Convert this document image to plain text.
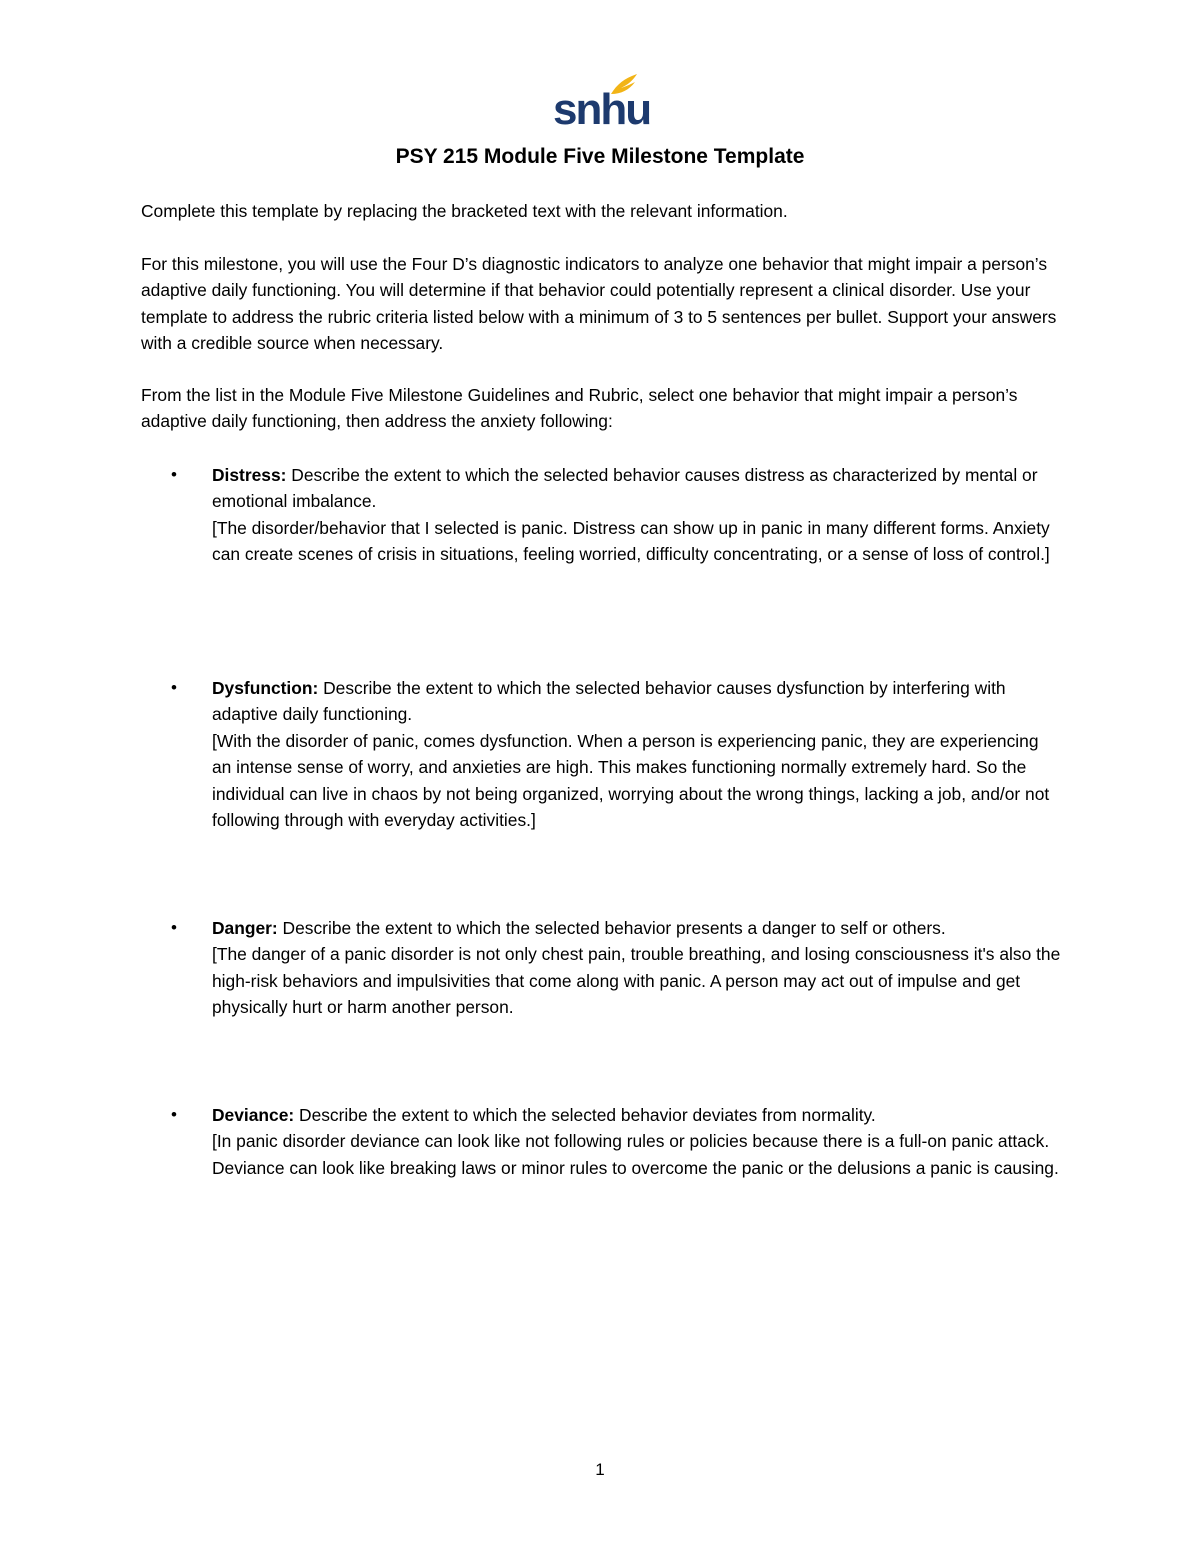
snhu
PSY 215 Module Five Milestone Template

Complete this template by replacing the bracketed text with the relevant information.

For this milestone, you will use the Four D’s diagnostic indicators to analyze one behavior that might impair a person’s adaptive daily functioning. You will determine if that behavior could potentially represent a clinical disorder. Use your template to address the rubric criteria listed below with a minimum of 3 to 5 sentences per bullet. Support your answers with a credible source when necessary.

From the list in the Module Five Milestone Guidelines and Rubric, select one behavior that might impair a person’s adaptive daily functioning, then address the anxiety following:

• Distress: Describe the extent to which the selected behavior causes distress as characterized by mental or emotional imbalance.
[The disorder/behavior that I selected is panic. Distress can show up in panic in many different forms. Anxiety can create scenes of crisis in situations, feeling worried, difficulty concentrating, or a sense of loss of control.]
• Dysfunction: Describe the extent to which the selected behavior causes dysfunction by interfering with adaptive daily functioning.
[With the disorder of panic, comes dysfunction. When a person is experiencing panic, they are experiencing an intense sense of worry, and anxieties are high. This makes functioning normally extremely hard. So the individual can live in chaos by not being organized, worrying about the wrong things, lacking a job, and/or not following through with everyday activities.]
• Danger: Describe the extent to which the selected behavior presents a danger to self or others.
[The danger of a panic disorder is not only chest pain, trouble breathing, and losing consciousness it's also the high-risk behaviors and impulsivities that come along with panic. A person may act out of impulse and get physically hurt or harm another person.
• Deviance: Describe the extent to which the selected behavior deviates from normality.
[In panic disorder deviance can look like not following rules or policies because there is a full-on panic attack. Deviance can look like breaking laws or minor rules to overcome the panic or the delusions a panic is causing.
1
